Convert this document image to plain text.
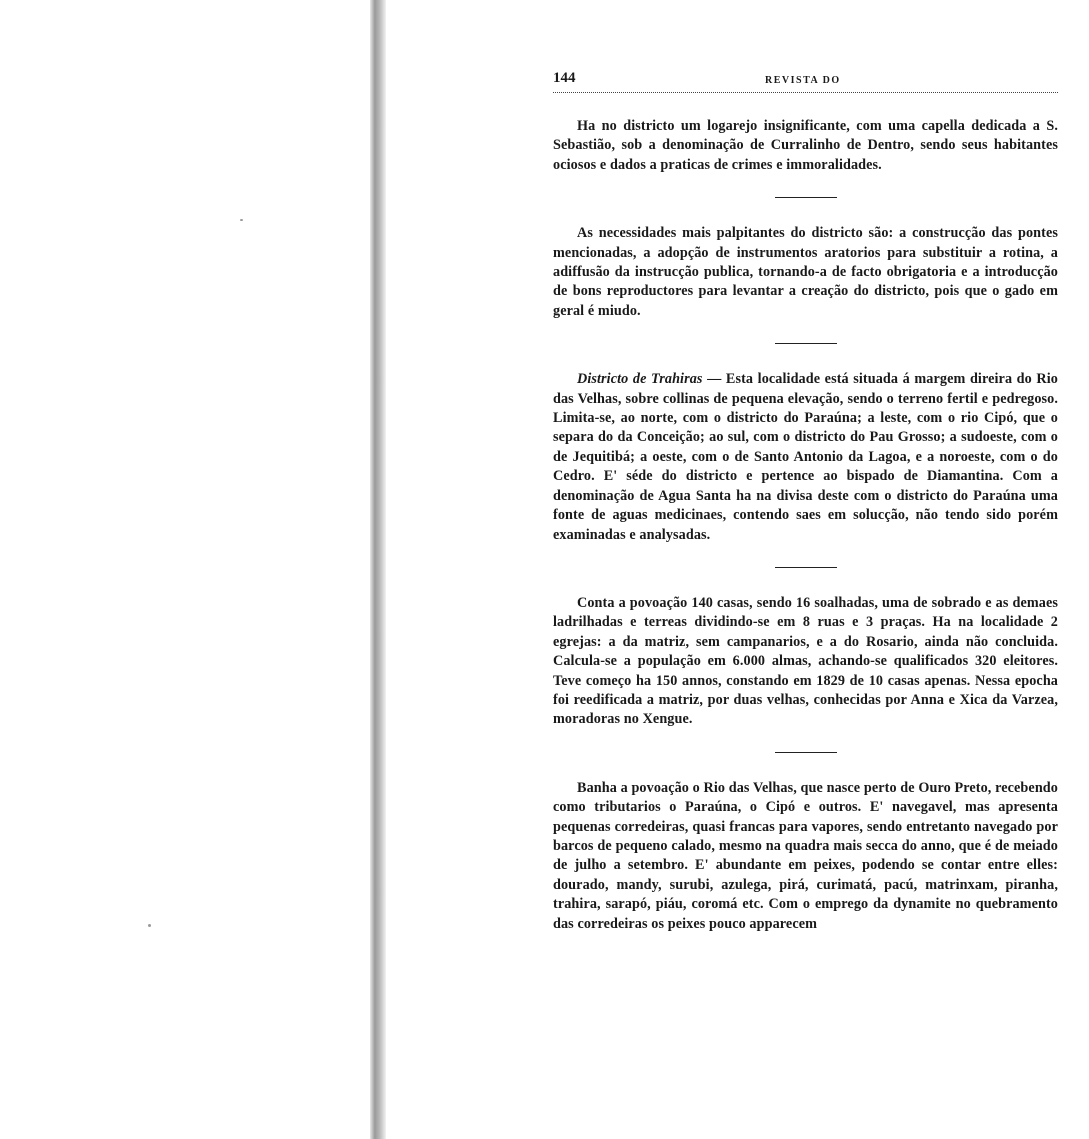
144	REVISTA DO

Ha no districto um logarejo insignificante, com uma capella dedicada a S. Sebastião, sob a denominação de Curralinho de Dentro, sendo seus habitantes ociosos e dados a praticas de crimes e immoralidades.

As necessidades mais palpitantes do districto são: a construcção das pontes mencionadas, a adopção de instrumentos aratorios para substituir a rotina, a adiffusão da instrucção publica, tornando-a de facto obrigatoria e a introducção de bons reproductores para levantar a creação do districto, pois que o gado em geral é miudo.

Districto de Trahiras — Esta localidade está situada á margem direira do Rio das Velhas, sobre collinas de pequena elevação, sendo o terreno fertil e pedregoso. Limita-se, ao norte, com o districto do Paraúna; a leste, com o rio Cipó, que o separa do da Conceição; ao sul, com o districto do Pau Grosso; a sudoeste, com o de Jequitibá; a oeste, com o de Santo Antonio da Lagoa, e a noroeste, com o do Cedro. E' séde do districto e pertence ao bispado de Diamantina. Com a denominação de Agua Santa ha na divisa deste com o districto do Paraúna uma fonte de aguas medicinaes, contendo saes em solucção, não tendo sido porém examinadas e analysadas.

Conta a povoação 140 casas, sendo 16 soalhadas, uma de sobrado e as demaes ladrilhadas e terreas dividindo-se em 8 ruas e 3 praças. Ha na localidade 2 egrejas: a da matriz, sem campanarios, e a do Rosario, ainda não concluida. Calcula-se a população em 6.000 almas, achando-se qualificados 320 eleitores. Teve começo ha 150 annos, constando em 1829 de 10 casas apenas. Nessa epocha foi reedificada a matriz, por duas velhas, conhecidas por Anna e Xica da Varzea, moradoras no Xengue.

Banha a povoação o Rio das Velhas, que nasce perto de Ouro Preto, recebendo como tributarios o Paraúna, o Cipó e outros. E' navegavel, mas apresenta pequenas corredeiras, quasi francas para vapores, sendo entretanto navegado por barcos de pequeno calado, mesmo na quadra mais secca do anno, que é de meiado de julho a setembro. E' abundante em peixes, podendo se contar entre elles: dourado, mandy, surubi, azulega, pirá, curimatá, pacú, matrinxam, piranha, trahira, sarapó, piáu, coromá etc. Com o emprego da dynamite no quebramento das corredeiras os peixes pouco apparecem
